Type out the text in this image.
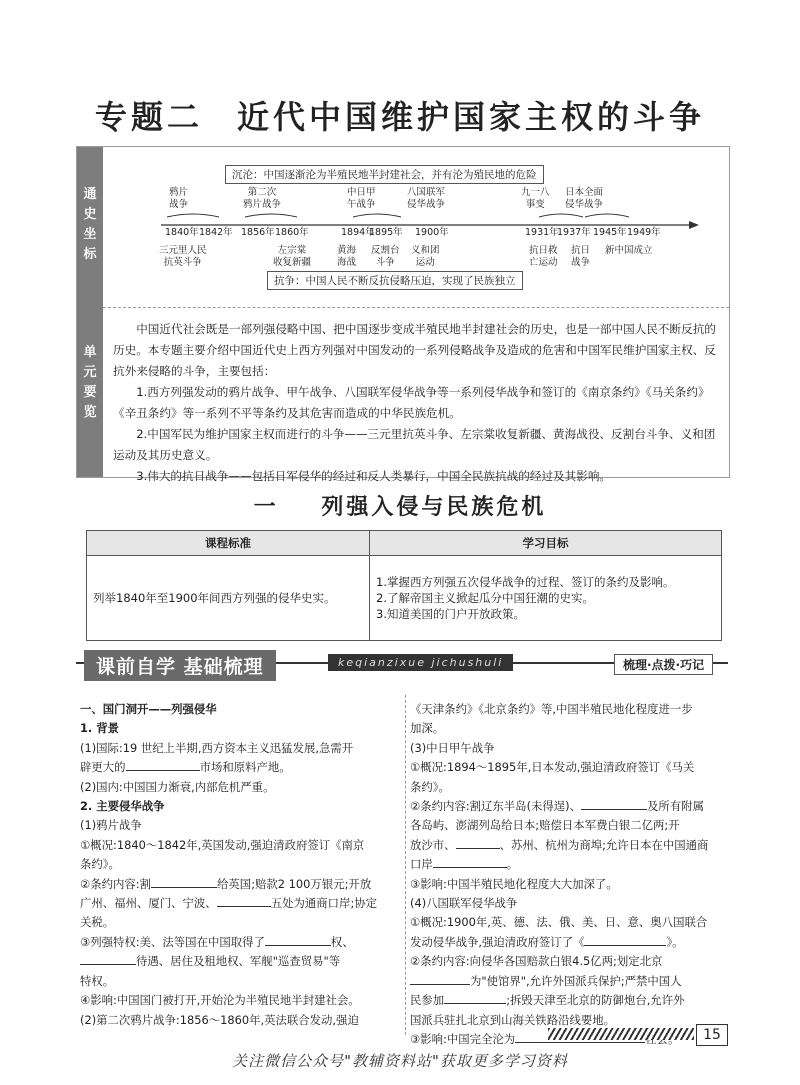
专题二 近代中国维护国家主权的斗争
通
史
坐
标
单
元
要
览
沉沦：中国逐渐沦为半殖民地半封建社会，并有沦为殖民地的危险
抗争：中国人民不断反抗侵略压迫，实现了民族独立
鸦片
战争
第二次
鸦片战争
中日甲
午战争
八国联军
侵华战争
九一八
事变
日本全面
侵华战争
1840年 1842年 1856年 1860年	1894年
1895年 1900年	1931年
1937年 1945年 1949年
三元里人民
抗英斗争
左宗棠
收复新疆
黄海
海战
反割台
斗争
义和团
运动
抗日救
亡运动
抗日
战争
新中国成立

中国近代社会既是一部列强侵略中国、把中国逐步变成半殖民地半封建社会的历史，也是一部中国人民不断反抗的历史。本专题主要介绍中国近代史上西方列强对中国发动的一系列侵略战争及造成的危害和中国军民维护国家主权、反抗外来侵略的斗争，主要包括：

1.西方列强发动的鸦片战争、甲午战争、八国联军侵华战争等一系列侵华战争和签订的《南京条约》《马关条约》《辛丑条约》等一系列不平等条约及其危害而造成的中华民族危机。

2.中国军民为维护国家主权而进行的斗争——三元里抗英斗争、左宗棠收复新疆、黄海战役、反割台斗争、义和团运动及其历史意义。

3.伟大的抗日战争——包括日军侵华的经过和反人类暴行，中国全民族抗战的经过及其影响。

一 列强入侵与民族危机
课程标准	学习目标
列举1840年至1900年间西方列强的侵华史实。	1.掌握西方列强五次侵华战争的过程、签订的条约及影响。
2.了解帝国主义掀起瓜分中国狂潮的史实。
3.知道美国的门户开放政策。
课前自学 基础梳理	keqianzixue jichushuli	梳理·点拨·巧记
一、国门洞开——列强侵华
1. 背景
(1)国际:19 世纪上半期,西方资本主义迅猛发展,急需开
辟更大的	市场和原料产地。
(2)国内:中国国力渐衰,内部危机严重。
2. 主要侵华战争
(1)鸦片战争
①概况:1840～1842年,英国发动,强迫清政府签订《南京
条约》。
②条约内容:割	给英国;赔款2 100万银元;开放
广州、福州、厦门、宁波、	五处为通商口岸;协定
关税。
③列强特权:美、法等国在中国取得了	权、
待遇、居住及租地权、军舰"巡查贸易"等
特权。
④影响:中国国门被打开,开始沦为半殖民地半封建社会。
(2)第二次鸦片战争:1856～1860年,英法联合发动,强迫
《天津条约》《北京条约》等,中国半殖民地化程度进一步
加深。
(3)中日甲午战争
①概况:1894～1895年,日本发动,强迫清政府签订《马关
条约》。
②条约内容:割辽东半岛(未得逞)、	及所有附属
各岛屿、澎湖列岛给日本;赔偿日本军费白银二亿两;开
放沙市、	、苏州、杭州为商埠;允许日本在中国通商
口岸	。
③影响:中国半殖民地化程度大大加深了。
(4)八国联军侵华战争
①概况:1900年,英、德、法、俄、美、日、意、奥八国联合
发动侵华战争,强迫清政府签订了《	》。
②条约内容:向侵华各国赔款白银4.5亿两;划定北京
为"使馆界",允许外国派兵保护;严禁中国人
民参加	;拆毁天津至北京的防御炮台,允许外
国派兵驻扎北京到山海关铁路沿线要地。
③影响:中国完全沦为	15
关注微信公众号"教辅资料站"获取更多学习资料
